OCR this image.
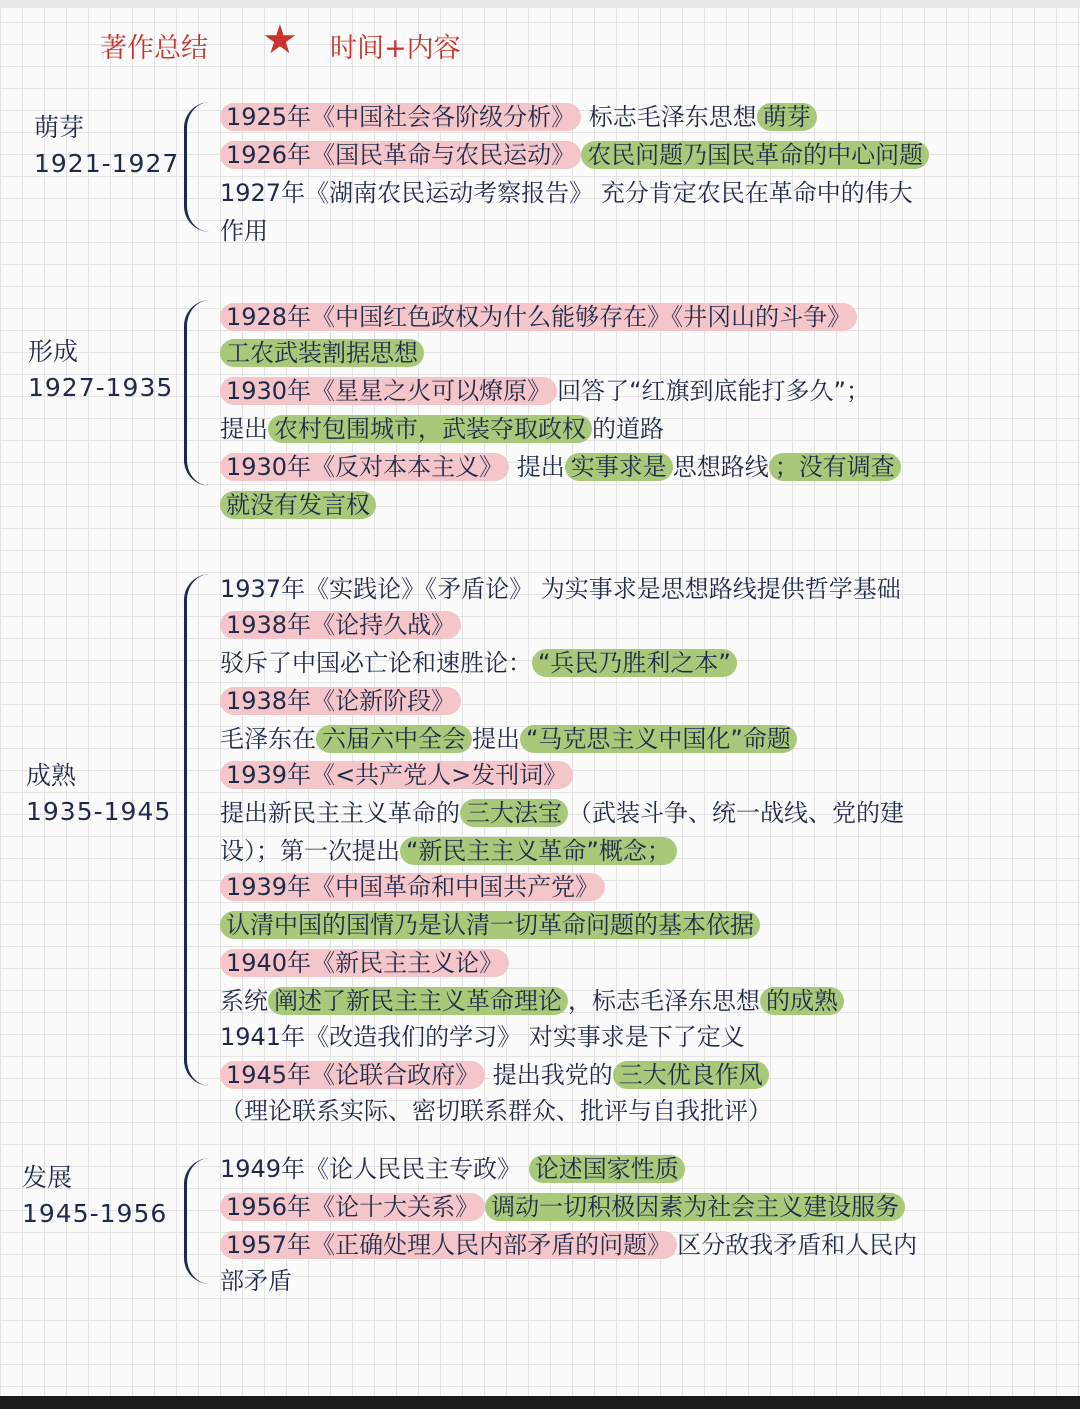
著作总结 ★ 时间+内容
萌芽
1921-1927
形成
1927-1935
成熟
1935-1945
发展
1945-1956
1925年《中国社会各阶级分析》 标志毛泽东思想 萌芽
1926年《国民革命与农民运动》 农民问题乃国民革命的中心问题
1927年《湖南农民运动考察报告》 充分肯定农民在革命中的伟大
作用
1928年《中国红色政权为什么能够存在》《井冈山的斗争》
工农武装割据思想
1930年《星星之火可以燎原》 回答了“红旗到底能打多久”；
提出 农村包围城市，武装夺取政权 的道路
1930年《反对本本主义》 提出 实事求是 思想路线 ；没有调查
就没有发言权
1937年《实践论》《矛盾论》 为实事求是思想路线提供哲学基础
1938年《论持久战》
驳斥了中国必亡论和速胜论： “兵民乃胜利之本”
1938年《论新阶段》
毛泽东在 六届六中全会 提出 “马克思主义中国化”命题
1939年《<共产党人>发刊词》
提出新民主主义革命的 三大法宝 （武装斗争、统一战线、党的建
设）；第一次提出 “新民主主义革命”概念；
1939年《中国革命和中国共产党》
认清中国的国情乃是认清一切革命问题的基本依据
1940年《新民主主义论》
系统 阐述了新民主主义革命理论 ，标志毛泽东思想 的成熟
1941年《改造我们的学习》 对实事求是下了定义
1945年《论联合政府》 提出我党的 三大优良作风
（理论联系实际、密切联系群众、批评与自我批评）
1949年《论人民民主专政》 论述国家性质
1956年《论十大关系》 调动一切积极因素为社会主义建设服务
1957年《正确处理人民内部矛盾的问题》 区分敌我矛盾和人民内
部矛盾
